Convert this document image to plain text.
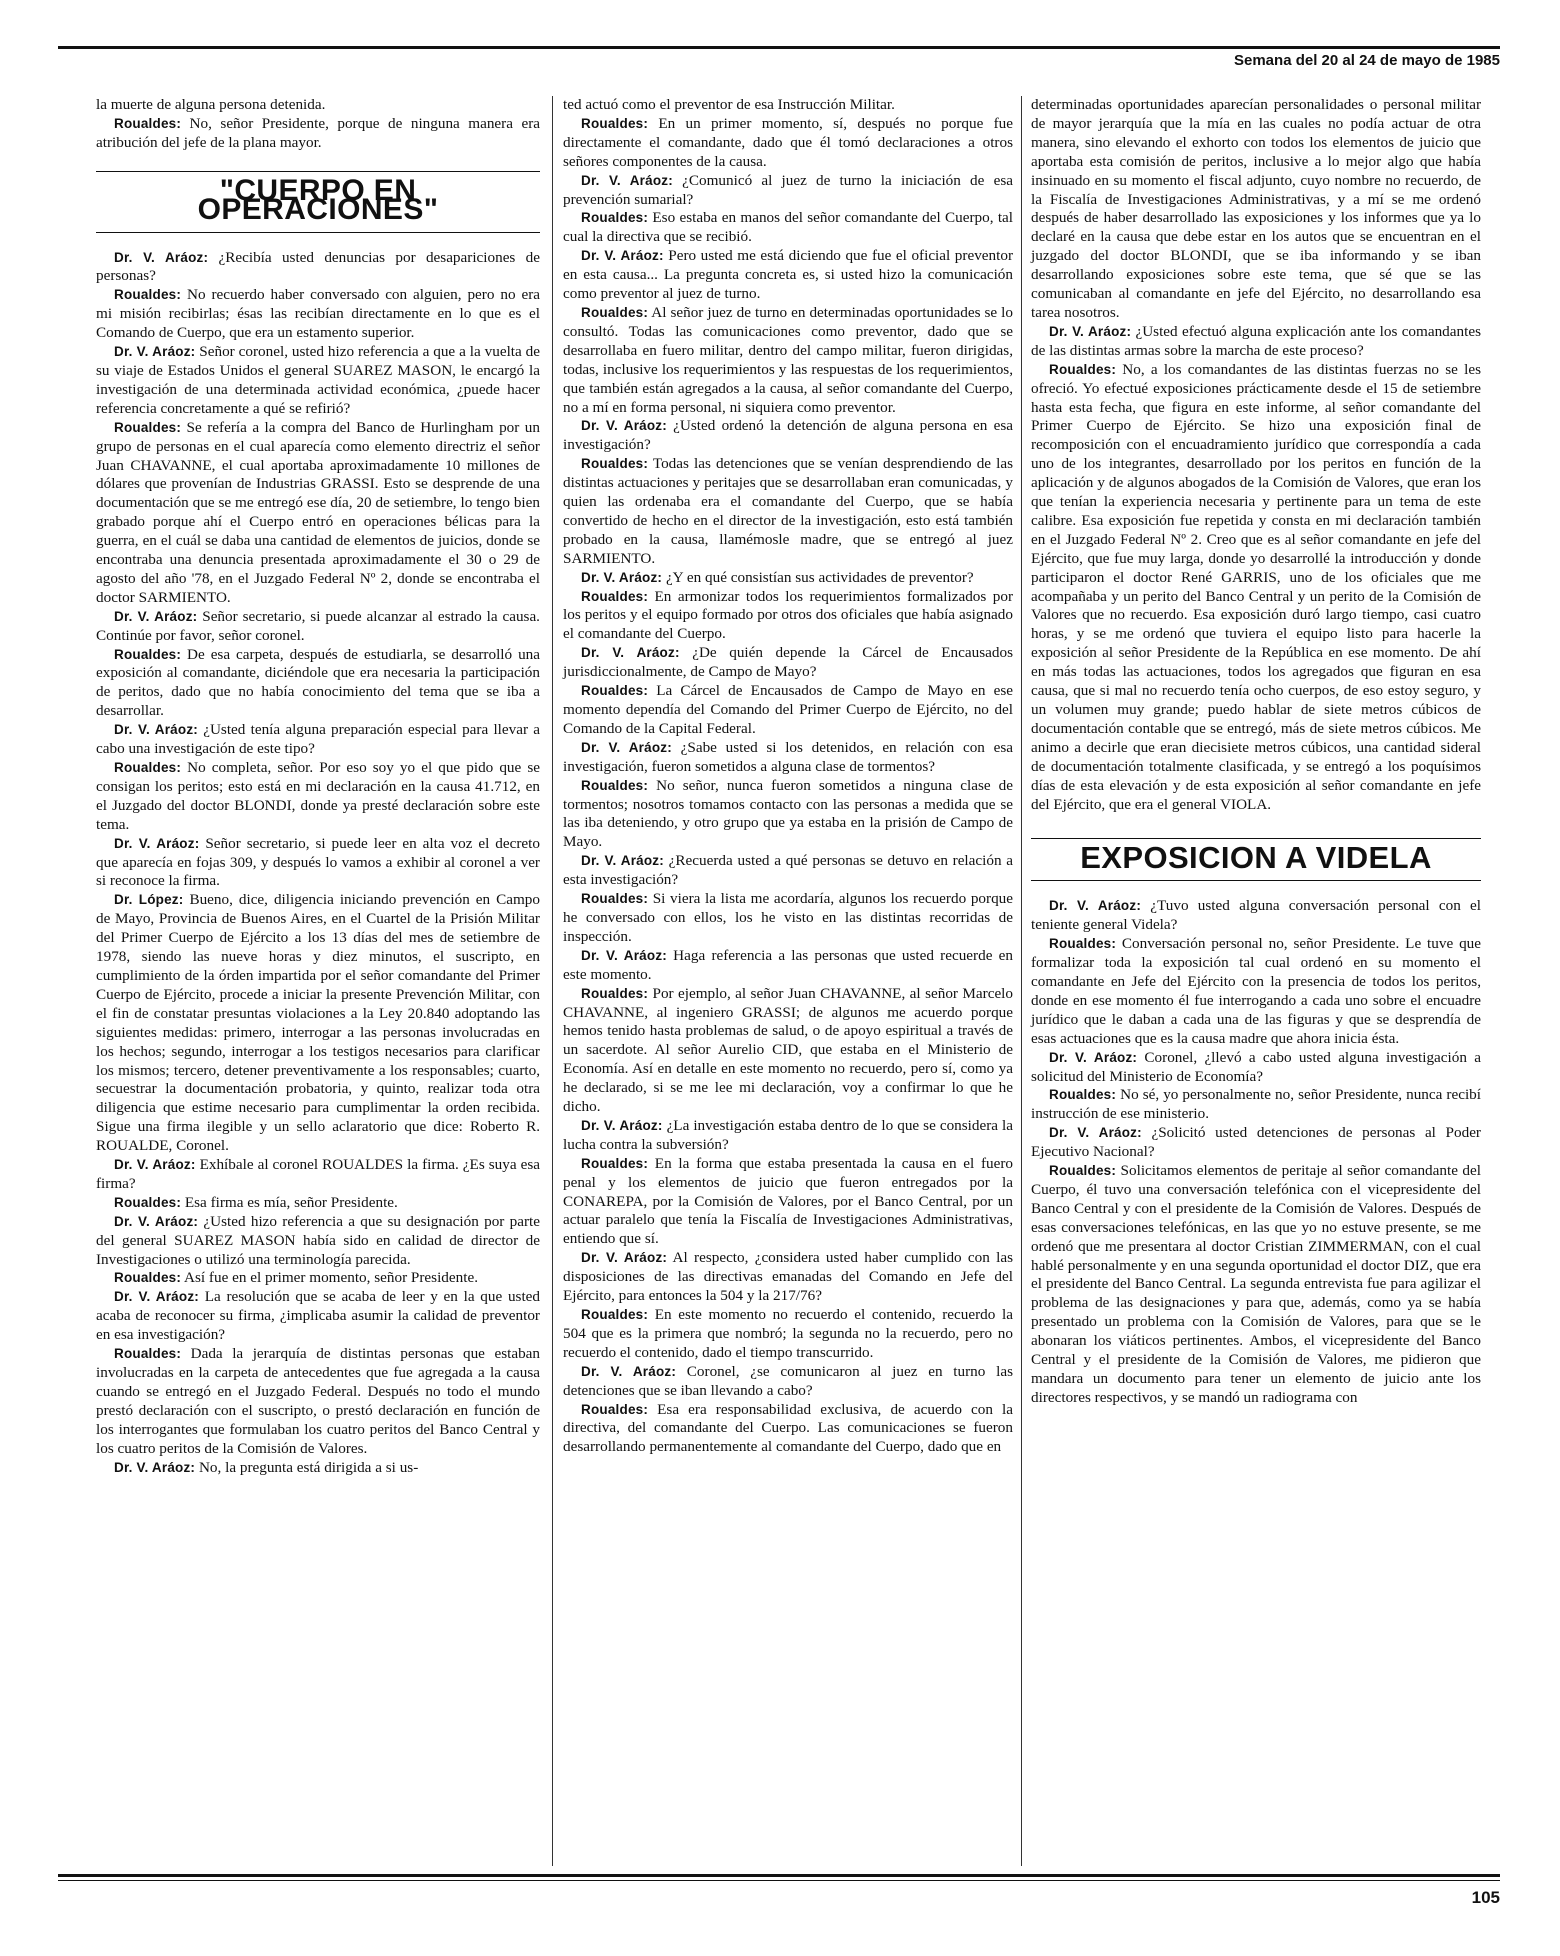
Semana del 20 al 24 de mayo de 1985

la muerte de alguna persona detenida.

Roualdes: No, señor Presidente, porque de ninguna manera era atribución del jefe de la plana mayor.

"CUERPO EN OPERACIONES"

Dr. V. Aráoz: ¿Recibía usted denuncias por desapariciones de personas?

Roualdes: No recuerdo haber conversado con alguien, pero no era mi misión recibirlas; ésas las recibían directamente en lo que es el Comando de Cuerpo, que era un estamento superior.

Dr. V. Aráoz: Señor coronel, usted hizo referencia a que a la vuelta de su viaje de Estados Unidos el general SUAREZ MASON, le encargó la investigación de una determinada actividad económica, ¿puede hacer referencia concretamente a qué se refirió?

Roualdes: Se refería a la compra del Banco de Hurlingham por un grupo de personas en el cual aparecía como elemento directriz el señor Juan CHAVANNE, el cual aportaba aproximadamente 10 millones de dólares que provenían de Industrias GRASSI. Esto se desprende de una documentación que se me entregó ese día, 20 de setiembre, lo tengo bien grabado porque ahí el Cuerpo entró en operaciones bélicas para la guerra, en el cuál se daba una cantidad de elementos de juicios, donde se encontraba una denuncia presentada aproximadamente el 30 o 29 de agosto del año '78, en el Juzgado Federal Nº 2, donde se encontraba el doctor SARMIENTO.

Dr. V. Aráoz: Señor secretario, si puede alcanzar al estrado la causa. Continúe por favor, señor coronel.

Roualdes: De esa carpeta, después de estudiarla, se desarrolló una exposición al comandante, diciéndole que era necesaria la participación de peritos, dado que no había conocimiento del tema que se iba a desarrollar.

Dr. V. Aráoz: ¿Usted tenía alguna preparación especial para llevar a cabo una investigación de este tipo?

Roualdes: No completa, señor. Por eso soy yo el que pido que se consigan los peritos; esto está en mi declaración en la causa 41.712, en el Juzgado del doctor BLONDI, donde ya presté declaración sobre este tema.

Dr. V. Aráoz: Señor secretario, si puede leer en alta voz el decreto que aparecía en fojas 309, y después lo vamos a exhibir al coronel a ver si reconoce la firma.

Dr. López: Bueno, dice, diligencia iniciando prevención en Campo de Mayo, Provincia de Buenos Aires, en el Cuartel de la Prisión Militar del Primer Cuerpo de Ejército a los 13 días del mes de setiembre de 1978, siendo las nueve horas y diez minutos, el suscripto, en cumplimiento de la órden impartida por el señor comandante del Primer Cuerpo de Ejército, procede a iniciar la presente Prevención Militar, con el fin de constatar presuntas violaciones a la Ley 20.840 adoptando las siguientes medidas: primero, interrogar a las personas involucradas en los hechos; segundo, interrogar a los testigos necesarios para clarificar los mismos; tercero, detener preventivamente a los responsables; cuarto, secuestrar la documentación probatoria, y quinto, realizar toda otra diligencia que estime necesario para cumplimentar la orden recibida. Sigue una firma ilegible y un sello aclaratorio que dice: Roberto R. ROUALDE, Coronel.

Dr. V. Aráoz: Exhíbale al coronel ROUALDES la firma. ¿Es suya esa firma?

Roualdes: Esa firma es mía, señor Presidente.

Dr. V. Aráoz: ¿Usted hizo referencia a que su designación por parte del general SUAREZ MASON había sido en calidad de director de Investigaciones o utilizó una terminología parecida.

Roualdes: Así fue en el primer momento, señor Presidente.

Dr. V. Aráoz: La resolución que se acaba de leer y en la que usted acaba de reconocer su firma, ¿implicaba asumir la calidad de preventor en esa investigación?

Roualdes: Dada la jerarquía de distintas personas que estaban involucradas en la carpeta de antecedentes que fue agregada a la causa cuando se entregó en el Juzgado Federal. Después no todo el mundo prestó declaración con el suscripto, o prestó declaración en función de los interrogantes que formulaban los cuatro peritos del Banco Central y los cuatro peritos de la Comisión de Valores.

Dr. V. Aráoz: No, la pregunta está dirigida a si us-

ted actuó como el preventor de esa Instrucción Militar.

Roualdes: En un primer momento, sí, después no porque fue directamente el comandante, dado que él tomó declaraciones a otros señores componentes de la causa.

Dr. V. Aráoz: ¿Comunicó al juez de turno la iniciación de esa prevención sumarial?

Roualdes: Eso estaba en manos del señor comandante del Cuerpo, tal cual la directiva que se recibió.

Dr. V. Aráoz: Pero usted me está diciendo que fue el oficial preventor en esta causa... La pregunta concreta es, si usted hizo la comunicación como preventor al juez de turno.

Roualdes: Al señor juez de turno en determinadas oportunidades se lo consultó. Todas las comunicaciones como preventor, dado que se desarrollaba en fuero militar, dentro del campo militar, fueron dirigidas, todas, inclusive los requerimientos y las respuestas de los requerimientos, que también están agregados a la causa, al señor comandante del Cuerpo, no a mí en forma personal, ni siquiera como preventor.

Dr. V. Aráoz: ¿Usted ordenó la detención de alguna persona en esa investigación?

Roualdes: Todas las detenciones que se venían desprendiendo de las distintas actuaciones y peritajes que se desarrollaban eran comunicadas, y quien las ordenaba era el comandante del Cuerpo, que se había convertido de hecho en el director de la investigación, esto está también probado en la causa, llamémosle madre, que se entregó al juez SARMIENTO.

Dr. V. Aráoz: ¿Y en qué consistían sus actividades de preventor?

Roualdes: En armonizar todos los requerimientos formalizados por los peritos y el equipo formado por otros dos oficiales que había asignado el comandante del Cuerpo.

Dr. V. Aráoz: ¿De quién depende la Cárcel de Encausados jurisdiccionalmente, de Campo de Mayo?

Roualdes: La Cárcel de Encausados de Campo de Mayo en ese momento dependía del Comando del Primer Cuerpo de Ejército, no del Comando de la Capital Federal.

Dr. V. Aráoz: ¿Sabe usted si los detenidos, en relación con esa investigación, fueron sometidos a alguna clase de tormentos?

Roualdes: No señor, nunca fueron sometidos a ninguna clase de tormentos; nosotros tomamos contacto con las personas a medida que se las iba deteniendo, y otro grupo que ya estaba en la prisión de Campo de Mayo.

Dr. V. Aráoz: ¿Recuerda usted a qué personas se detuvo en relación a esta investigación?

Roualdes: Si viera la lista me acordaría, algunos los recuerdo porque he conversado con ellos, los he visto en las distintas recorridas de inspección.

Dr. V. Aráoz: Haga referencia a las personas que usted recuerde en este momento.

Roualdes: Por ejemplo, al señor Juan CHAVANNE, al señor Marcelo CHAVANNE, al ingeniero GRASSI; de algunos me acuerdo porque hemos tenido hasta problemas de salud, o de apoyo espiritual a través de un sacerdote. Al señor Aurelio CID, que estaba en el Ministerio de Economía. Así en detalle en este momento no recuerdo, pero sí, como ya he declarado, si se me lee mi declaración, voy a confirmar lo que he dicho.

Dr. V. Aráoz: ¿La investigación estaba dentro de lo que se considera la lucha contra la subversión?

Roualdes: En la forma que estaba presentada la causa en el fuero penal y los elementos de juicio que fueron entregados por la CONAREPA, por la Comisión de Valores, por el Banco Central, por un actuar paralelo que tenía la Fiscalía de Investigaciones Administrativas, entiendo que sí.

Dr. V. Aráoz: Al respecto, ¿considera usted haber cumplido con las disposiciones de las directivas emanadas del Comando en Jefe del Ejército, para entonces la 504 y la 217/76?

Roualdes: En este momento no recuerdo el contenido, recuerdo la 504 que es la primera que nombró; la segunda no la recuerdo, pero no recuerdo el contenido, dado el tiempo transcurrido.

Dr. V. Aráoz: Coronel, ¿se comunicaron al juez en turno las detenciones que se iban llevando a cabo?

Roualdes: Esa era responsabilidad exclusiva, de acuerdo con la directiva, del comandante del Cuerpo. Las comunicaciones se fueron desarrollando permanentemente al comandante del Cuerpo, dado que en

determinadas oportunidades aparecían personalidades o personal militar de mayor jerarquía que la mía en las cuales no podía actuar de otra manera, sino elevando el exhorto con todos los elementos de juicio que aportaba esta comisión de peritos, inclusive a lo mejor algo que había insinuado en su momento el fiscal adjunto, cuyo nombre no recuerdo, de la Fiscalía de Investigaciones Administrativas, y a mí se me ordenó después de haber desarrollado las exposiciones y los informes que ya lo declaré en la causa que debe estar en los autos que se encuentran en el juzgado del doctor BLONDI, que se iba informando y se iban desarrollando exposiciones sobre este tema, que sé que se las comunicaban al comandante en jefe del Ejército, no desarrollando esa tarea nosotros.

Dr. V. Aráoz: ¿Usted efectuó alguna explicación ante los comandantes de las distintas armas sobre la marcha de este proceso?

Roualdes: No, a los comandantes de las distintas fuerzas no se les ofreció. Yo efectué exposiciones prácticamente desde el 15 de setiembre hasta esta fecha, que figura en este informe, al señor comandante del Primer Cuerpo de Ejército. Se hizo una exposición final de recomposición con el encuadramiento jurídico que correspondía a cada uno de los integrantes, desarrollado por los peritos en función de la aplicación y de algunos abogados de la Comisión de Valores, que eran los que tenían la experiencia necesaria y pertinente para un tema de este calibre. Esa exposición fue repetida y consta en mi declaración también en el Juzgado Federal Nº 2. Creo que es al señor comandante en jefe del Ejército, que fue muy larga, donde yo desarrollé la introducción y donde participaron el doctor René GARRIS, uno de los oficiales que me acompañaba y un perito del Banco Central y un perito de la Comisión de Valores que no recuerdo. Esa exposición duró largo tiempo, casi cuatro horas, y se me ordenó que tuviera el equipo listo para hacerle la exposición al señor Presidente de la República en ese momento. De ahí en más todas las actuaciones, todos los agregados que figuran en esa causa, que si mal no recuerdo tenía ocho cuerpos, de eso estoy seguro, y un volumen muy grande; puedo hablar de siete metros cúbicos de documentación contable que se entregó, más de siete metros cúbicos. Me animo a decirle que eran diecisiete metros cúbicos, una cantidad sideral de documentación totalmente clasificada, y se entregó a los poquísimos días de esta elevación y de esta exposición al señor comandante en jefe del Ejército, que era el general VIOLA.

EXPOSICION A VIDELA

Dr. V. Aráoz: ¿Tuvo usted alguna conversación personal con el teniente general Videla?

Roualdes: Conversación personal no, señor Presidente. Le tuve que formalizar toda la exposición tal cual ordenó en su momento el comandante en Jefe del Ejército con la presencia de todos los peritos, donde en ese momento él fue interrogando a cada uno sobre el encuadre jurídico que le daban a cada una de las figuras y que se desprendía de esas actuaciones que es la causa madre que ahora inicia ésta.

Dr. V. Aráoz: Coronel, ¿llevó a cabo usted alguna investigación a solicitud del Ministerio de Economía?

Roualdes: No sé, yo personalmente no, señor Presidente, nunca recibí instrucción de ese ministerio.

Dr. V. Aráoz: ¿Solicitó usted detenciones de personas al Poder Ejecutivo Nacional?

Roualdes: Solicitamos elementos de peritaje al señor comandante del Cuerpo, él tuvo una conversación telefónica con el vicepresidente del Banco Central y con el presidente de la Comisión de Valores. Después de esas conversaciones telefónicas, en las que yo no estuve presente, se me ordenó que me presentara al doctor Cristian ZIMMERMAN, con el cual hablé personalmente y en una segunda oportunidad el doctor DIZ, que era el presidente del Banco Central. La segunda entrevista fue para agilizar el problema de las designaciones y para que, además, como ya se había presentado un problema con la Comisión de Valores, para que se le abonaran los viáticos pertinentes. Ambos, el vicepresidente del Banco Central y el presidente de la Comisión de Valores, me pidieron que mandara un documento para tener un elemento de juicio ante los directores respectivos, y se mandó un radiograma con

105
